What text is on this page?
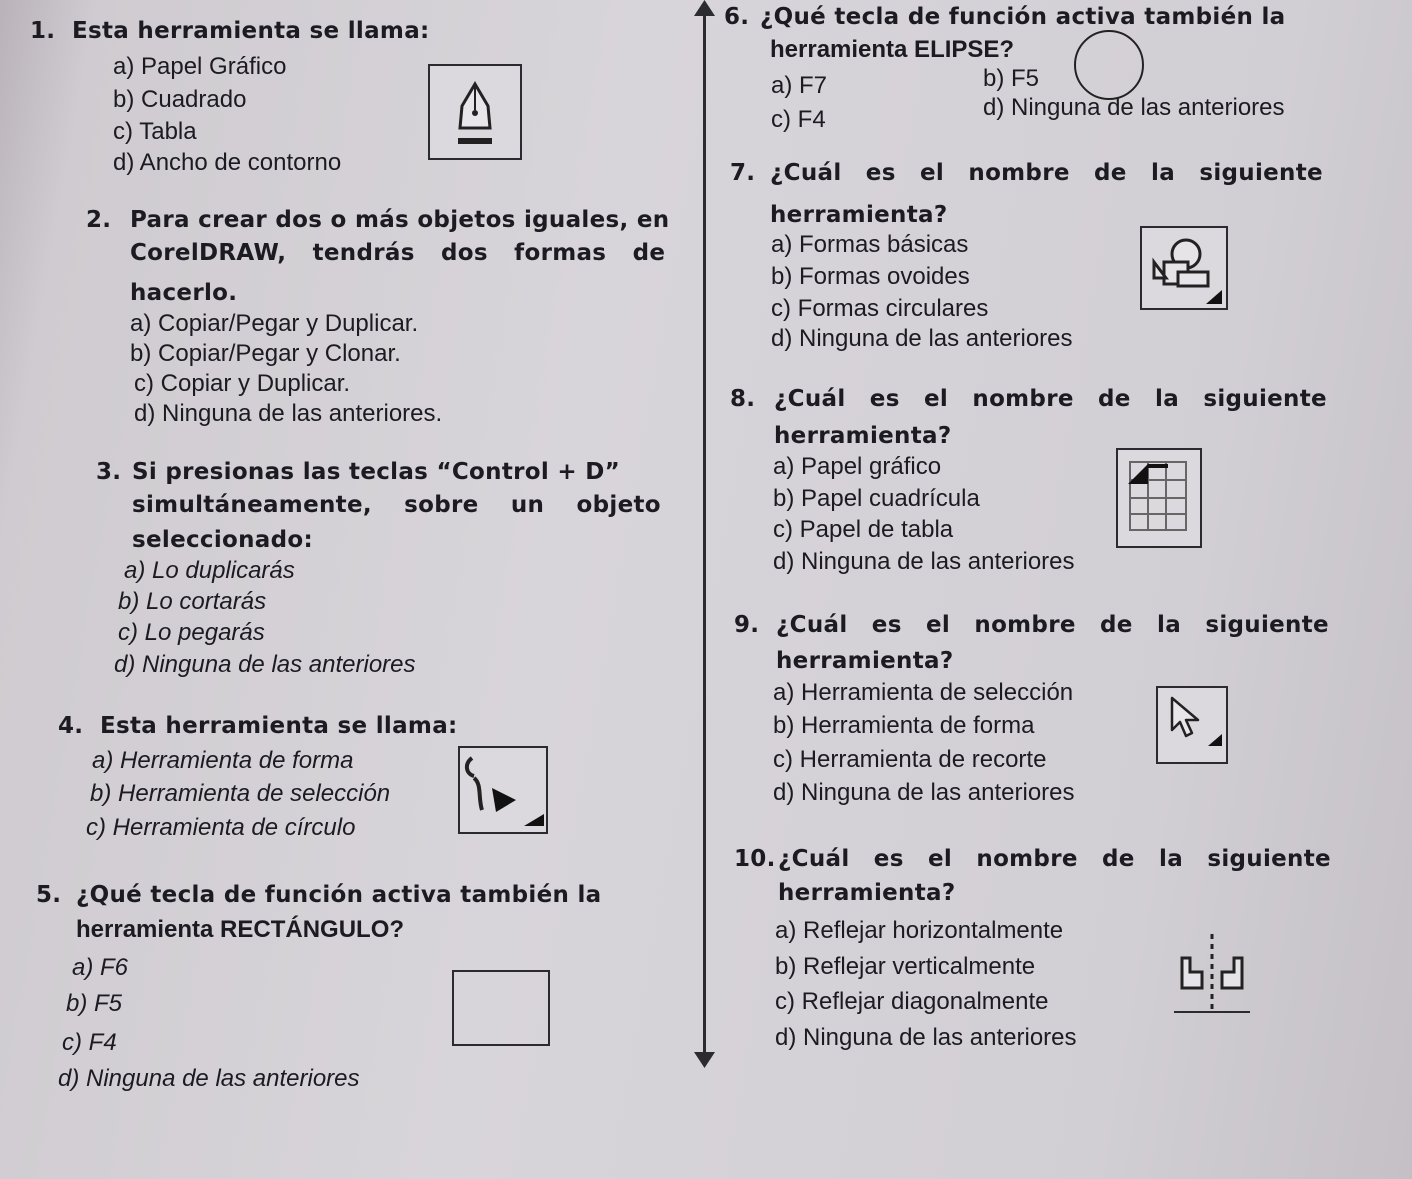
1. Esta herramienta se llama:
a) Papel Gráfico
b) Cuadrado
c) Tabla
d) Ancho de contorno
2. Para crear dos o más objetos iguales, en
CorelDRAW, tendrás dos formas de
hacerlo.
a) Copiar/Pegar y Duplicar.
b) Copiar/Pegar y Clonar.
c) Copiar y Duplicar.
d) Ninguna de las anteriores.
3. Si presionas las teclas “Control + D”
simultáneamente, sobre un objeto
seleccionado:
a) Lo duplicarás
b) Lo cortarás
c) Lo pegarás
d) Ninguna de las anteriores
4. Esta herramienta se llama:
a) Herramienta de forma
b) Herramienta de selección
c) Herramienta de círculo
5. ¿Qué tecla de función activa también la
herramienta RECTÁNGULO?
a) F6
b) F5
c) F4
d) Ninguna de las anteriores
6. ¿Qué tecla de función activa también la
herramienta ELIPSE?
a) F7	b) F5
c) F4	d) Ninguna de las anteriores
7. ¿Cuál es el nombre de la siguiente
herramienta?
a) Formas básicas
b) Formas ovoides
c) Formas circulares
d) Ninguna de las anteriores
8. ¿Cuál es el nombre de la siguiente
herramienta?
a) Papel gráfico
b) Papel cuadrícula
c) Papel de tabla
d) Ninguna de las anteriores
9. ¿Cuál es el nombre de la siguiente
herramienta?
a) Herramienta de selección
b) Herramienta de forma
c) Herramienta de recorte
d) Ninguna de las anteriores
10. ¿Cuál es el nombre de la siguiente
herramienta?
a) Reflejar horizontalmente
b) Reflejar verticalmente
c) Reflejar diagonalmente
d) Ninguna de las anteriores
